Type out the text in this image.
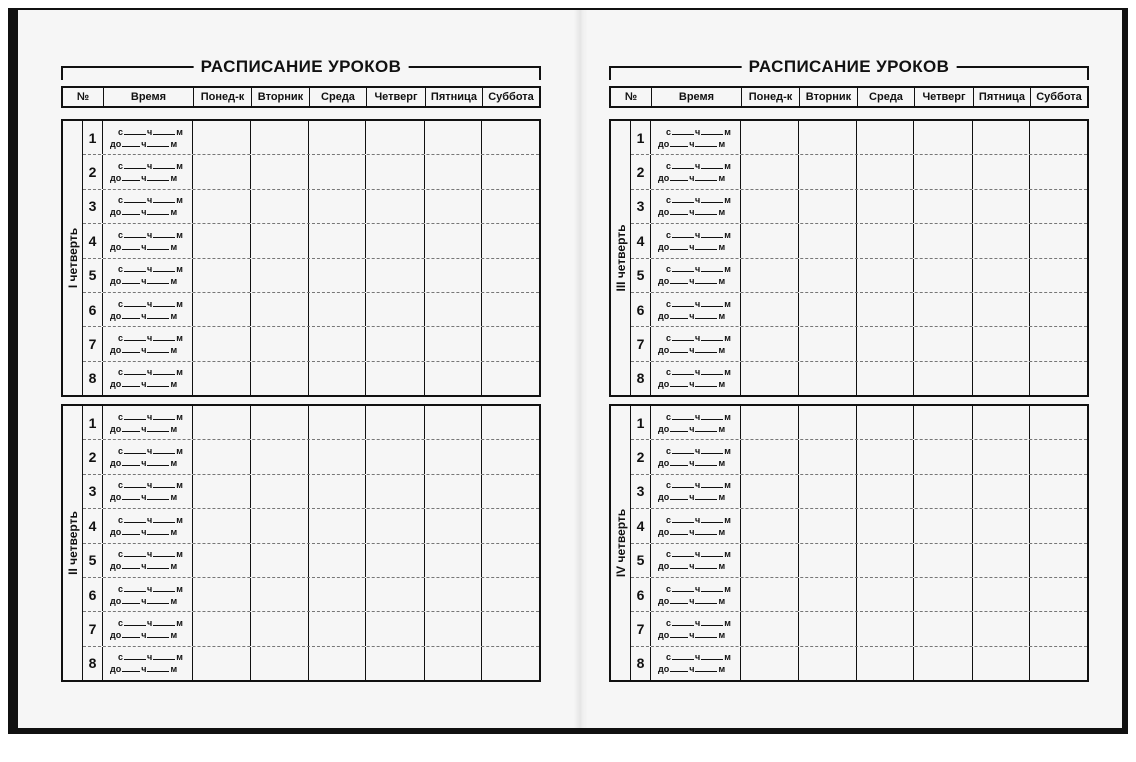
РАСПИСАНИЕ УРОКОВ
№	Время	Понед-к	Вторник	Среда	Четверг	Пятница	Суббота
I четверть
1	с	ч	м
до ч	м
2	с	ч	м
до ч	м
3	с	ч	м
до ч	м
4	с	ч	м
до ч	м
5	с	ч	м
до ч	м
6	с	ч	м
до ч	м
7	с	ч	м
до ч	м
8	с	ч	м
до ч	м
II четверть
1	с	ч	м
до ч	м
2	с	ч	м
до ч	м
3	с	ч	м
до ч	м
4	с	ч	м
до ч	м
5	с	ч	м
до ч	м
6	с	ч	м
до ч	м
7	с	ч	м
до ч	м
8	с	ч	м
до ч	м
РАСПИСАНИЕ УРОКОВ
№	Время	Понед-к	Вторник	Среда	Четверг	Пятница	Суббота
III четверть
1	с	ч	м
до ч	м
2	с	ч	м
до ч	м
3	с	ч	м
до ч	м
4	с	ч	м
до ч	м
5	с	ч	м
до ч	м
6	с	ч	м
до ч	м
7	с	ч	м
до ч	м
8	с	ч	м
до ч	м
IV четверть
1	с	ч	м
до ч	м
2	с	ч	м
до ч	м
3	с	ч	м
до ч	м
4	с	ч	м
до ч	м
5	с	ч	м
до ч	м
6	с	ч	м
до ч	м
7	с	ч	м
до ч	м
8	с	ч	м
до ч	м
